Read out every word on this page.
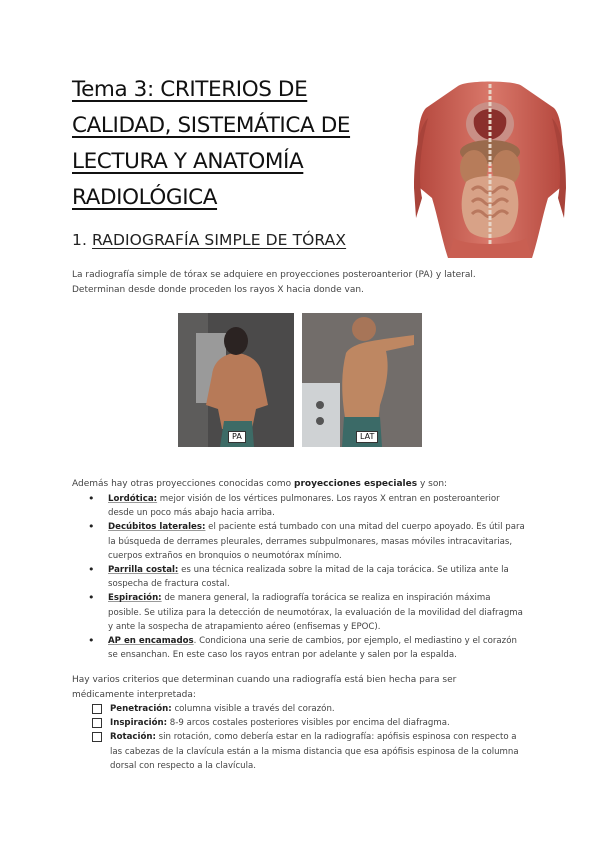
Tema 3: CRITERIOS DE CALIDAD, SISTEMÁTICA DE LECTURA Y ANATOMÍA RADIOLÓGICA
1. RADIOGRAFÍA SIMPLE DE TÓRAX

La radiografía simple de tórax se adquiere en proyecciones posteroanterior (PA) y lateral. Determinan desde donde proceden los rayos X hacia donde van.

PA	LAT

Además hay otras proyecciones conocidas como proyecciones especiales y son:

• Lordótica: mejor visión de los vértices pulmonares. Los rayos X entran en posteroanterior desde un poco más abajo hacia arriba.
• Decúbitos laterales: el paciente está tumbado con una mitad del cuerpo apoyado. Es útil para la búsqueda de derrames pleurales, derrames subpulmonares, masas móviles intracavitarias, cuerpos extraños en bronquios o neumotórax mínimo.
• Parrilla costal: es una técnica realizada sobre la mitad de la caja torácica. Se utiliza ante la sospecha de fractura costal.
• Espiración: de manera general, la radiografía torácica se realiza en inspiración máxima posible. Se utiliza para la detección de neumotórax, la evaluación de la movilidad del diafragma y ante la sospecha de atrapamiento aéreo (enfisemas y EPOC).
• AP en encamados. Condiciona una serie de cambios, por ejemplo, el mediastino y el corazón se ensanchan. En este caso los rayos entran por adelante y salen por la espalda.

Hay varios criterios que determinan cuando una radiografía está bien hecha para ser médicamente interpretada:

Penetración: columna visible a través del corazón.
Inspiración: 8-9 arcos costales posteriores visibles por encima del diafragma.
Rotación: sin rotación, como debería estar en la radiografía: apófisis espinosa con respecto a las cabezas de la clavícula están a la misma distancia que esa apófisis espinosa de la columna dorsal con respecto a la clavícula.
